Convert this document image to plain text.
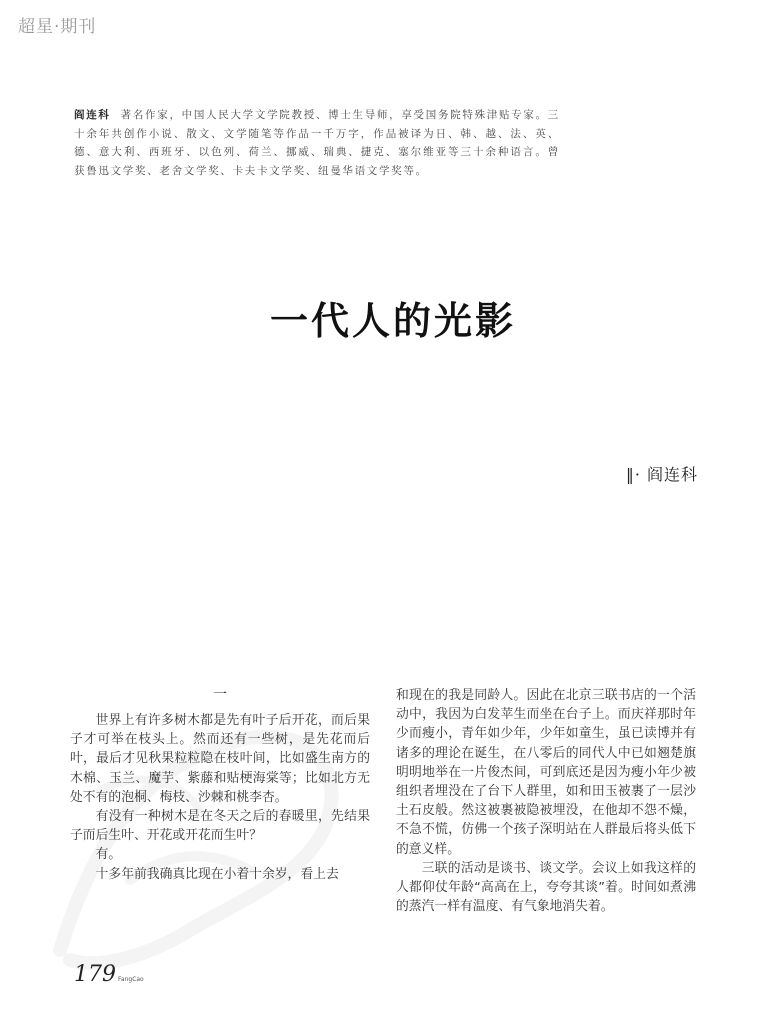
超星·期刊
阎连科 著名作家，中国人民大学文学院教授、博士生导师，享受国务院特殊津贴专家。三十余年共创作小说、散文、文学随笔等作品一千万字，作品被译为日、韩、越、法、英、德、意大利、西班牙、以色列、荷兰、挪威、瑞典、捷克、塞尔维亚等三十余种语言。曾获鲁迅文学奖、老舍文学奖、卡夫卡文学奖、纽曼华语文学奖等。
一代人的光影
‖· 阎连科
一

世界上有许多树木都是先有叶子后开花，而后果子才可举在枝头上。然而还有一些树，是先花而后叶，最后才见秋果粒粒隐在枝叶间，比如盛生南方的木棉、玉兰、魔芋、紫藤和贴梗海棠等；比如北方无处不有的泡桐、梅枝、沙棘和桃李杏。

有没有一种树木是在冬天之后的春暖里，先结果子而后生叶、开花或开花而生叶？

有。

十多年前我确真比现在小着十余岁，看上去

和现在的我是同龄人。因此在北京三联书店的一个活动中，我因为白发苹生而坐在台子上。而庆祥那时年少而瘦小，青年如少年，少年如童生，虽已读博并有诸多的理论在诞生，在八零后的同代人中已如翘楚旗明明地举在一片俊杰间，可到底还是因为瘦小年少被组织者埋没在了台下人群里，如和田玉被裹了一层沙土石皮般。然这被裹被隐被埋没，在他却不怨不燥，不急不慌，仿佛一个孩子深明站在人群最后将头低下的意义样。

三联的活动是谈书、谈文学。会议上如我这样的人都仰仗年龄“高高在上，夸夸其谈”着。时间如煮沸的蒸汽一样有温度、有气象地消失着。

179 FangCao
